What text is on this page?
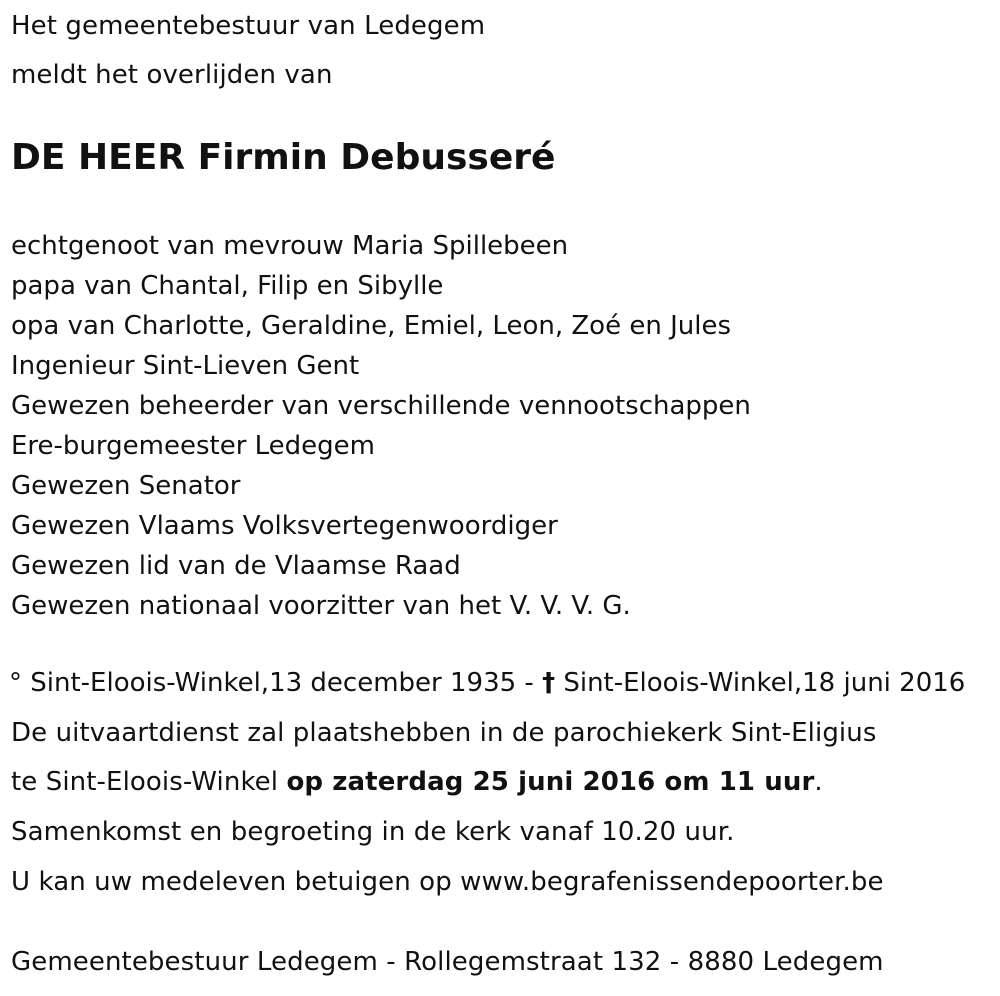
Het gemeentebestuur van Ledegem
meldt het overlijden van
DE HEER Firmin Debusseré
echtgenoot van mevrouw Maria Spillebeen
papa van Chantal, Filip en Sibylle
opa van Charlotte, Geraldine, Emiel, Leon, Zoé en Jules
Ingenieur Sint-Lieven Gent
Gewezen beheerder van verschillende vennootschappen
Ere-burgemeester Ledegem
Gewezen Senator
Gewezen Vlaams Volksvertegenwoordiger
Gewezen lid van de Vlaamse Raad
Gewezen nationaal voorzitter van het V. V. V. G.
° Sint-Eloois-Winkel,13 december 1935 - † Sint-Eloois-Winkel,18 juni 2016
De uitvaartdienst zal plaatshebben in de parochiekerk Sint-Eligius
te Sint-Eloois-Winkel op zaterdag 25 juni 2016 om 11 uur.
Samenkomst en begroeting in de kerk vanaf 10.20 uur.
U kan uw medeleven betuigen op www.begrafenissendepoorter.be
Gemeentebestuur Ledegem - Rollegemstraat 132 - 8880 Ledegem
